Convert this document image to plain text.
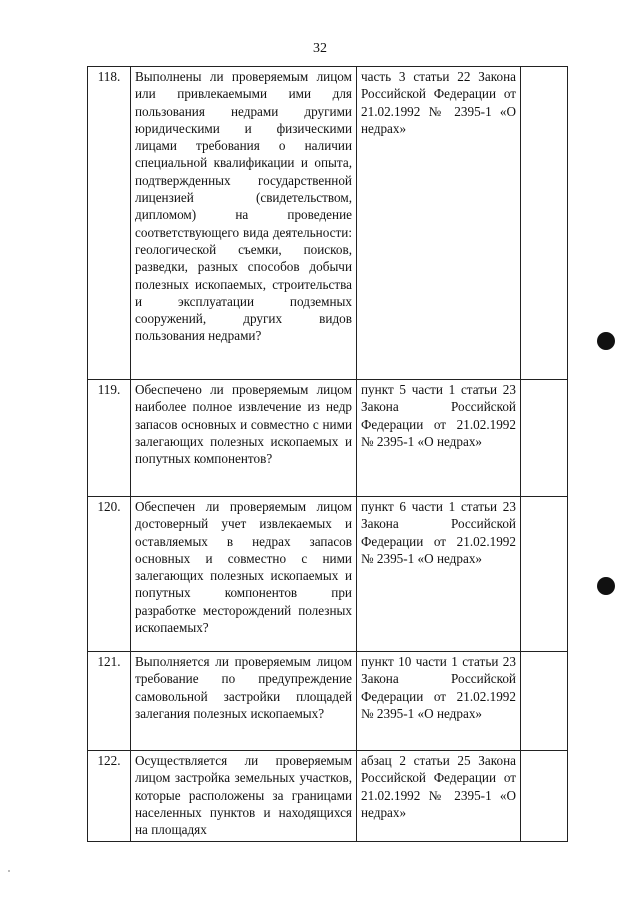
32
118.	Выполнены ли проверяемым лицом или привлекаемыми ими для пользования недрами другими юридическими и физическими лицами требования о наличии специальной квалификации и опыта, подтвержденных государственной лицензией (свидетельством, дипломом) на проведение соответствующего вида деятельности: геологической съемки, поисков, разведки, разных способов добычи полезных ископаемых, строительства и эксплуатации подземных сооружений, других видов пользования недрами?	часть 3 статьи 22 Закона Российской Федерации от 21.02.1992 № 2395-1 «О недрах»	

119.	Обеспечено ли проверяемым лицом наиболее полное извлечение из недр запасов основных и совместно с ними залегающих полезных ископаемых и попутных компонентов?	пункт 5 части 1 статьи 23 Закона Российской Федерации от 21.02.1992 № 2395-1 «О недрах»	

120.	Обеспечен ли проверяемым лицом достоверный учет извлекаемых и оставляемых в недрах запасов основных и совместно с ними залегающих полезных ископаемых и попутных компонентов при разработке месторождений полезных ископаемых?	пункт 6 части 1 статьи 23 Закона Российской Федерации от 21.02.1992 № 2395-1 «О недрах»	

121.	Выполняется ли проверяемым лицом требование по предупреждение самовольной застройки площадей залегания полезных ископаемых?	пункт 10 части 1 статьи 23 Закона Российской Федерации от 21.02.1992 № 2395-1 «О недрах»	

122.	Осуществляется ли проверяемым лицом застройка земельных участков, которые расположены за границами населенных пунктов и находящихся на площадях	абзац 2 статьи 25 Закона Российской Федерации от 21.02.1992 № 2395-1 «О недрах»	
